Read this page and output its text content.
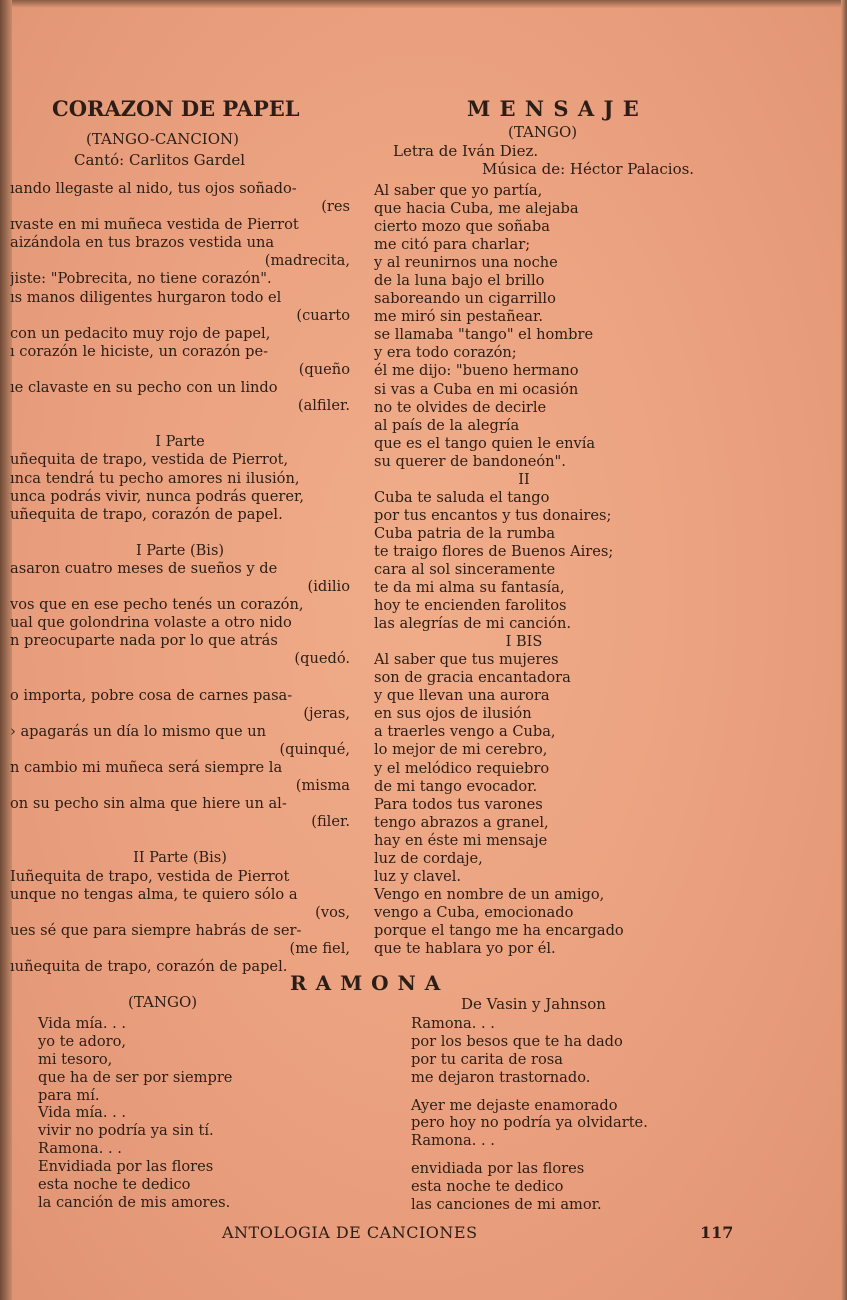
CORAZON DE PAPEL

(TANGO-CANCION)

Cantó: Carlitos Gardel

M E N S A J E

(TANGO)

Letra de Iván Diez.

Música de: Héctor Palacios.

ıando llegaste al nido, tus ojos soñado-
(res
ɪvaste en mi muñeca vestida de Pierrot
aizándola en tus brazos vestida una
(madrecita,
jiste: "Pobrecita, no tiene corazón".
ıs manos diligentes hurgaron todo el
(cuarto
con un pedacito muy rojo de papel,
ı corazón le hiciste, un corazón pe-
(queño
ıe clavaste en su pecho con un lindo
(alfiler.
I Parte
uñequita de trapo, vestida de Pierrot,
ınca tendrá tu pecho amores ni ilusión,
unca podrás vivir, nunca podrás querer,
uñequita de trapo, corazón de papel.
I Parte (Bis)
asaron cuatro meses de sueños y de
(idilio
vos que en ese pecho tenés un corazón,
ual que golondrina volaste a otro nido
n preocuparte nada por lo que atrás
(quedó.
o importa, pobre cosa de carnes pasa-
(jeras,
› apagarás un día lo mismo que un
(quinqué,
n cambio mi muñeca será siempre la
(misma
on su pecho sin alma que hiere un al-
(filer.
II Parte (Bis)
Iuñequita de trapo, vestida de Pierrot
unque no tengas alma, te quiero sólo a
(vos,
ues sé que para siempre habrás de ser-
(me fiel,
ıuñequita de trapo, corazón de papel.
Al saber que yo partía,
que hacia Cuba, me alejaba
cierto mozo que soñaba
me citó para charlar;
y al reunirnos una noche
de la luna bajo el brillo
saboreando un cigarrillo
me miró sin pestañear.
se llamaba "tango" el hombre
y era todo corazón;
él me dijo: "bueno hermano
si vas a Cuba en mi ocasión
no te olvides de decirle
al país de la alegría
que es el tango quien le envía
su querer de bandoneón".
II
Cuba te saluda el tango
por tus encantos y tus donaires;
Cuba patria de la rumba
te traigo flores de Buenos Aires;
cara al sol sinceramente
te da mi alma su fantasía,
hoy te encienden farolitos
las alegrías de mi canción.
I BIS
Al saber que tus mujeres
son de gracia encantadora
y que llevan una aurora
en sus ojos de ilusión
a traerles vengo a Cuba,
lo mejor de mi cerebro,
y el melódico requiebro
de mi tango evocador.
Para todos tus varones
tengo abrazos a granel,
hay en éste mi mensaje
luz de cordaje,
luz y clavel.
Vengo en nombre de un amigo,
vengo a Cuba, emocionado
porque el tango me ha encargado
que te hablara yo por él.
R A M O N A

(TANGO)	De Vasin y Jahnson

Vida mía. . .
yo te adoro,
mi tesoro,
que ha de ser por siempre
para mí.
Vida mía. . .
vivir no podría ya sin tí.
Ramona. . .
Envidiada por las flores
esta noche te dedico
la canción de mis amores.
Ramona. . .
por los besos que te ha dado
por tu carita de rosa
me dejaron trastornado.
Ayer me dejaste enamorado
pero hoy no podría ya olvidarte.
Ramona. . .
envidiada por las flores
esta noche te dedico
las canciones de mi amor.

ANTOLOGIA DE CANCIONES	117
